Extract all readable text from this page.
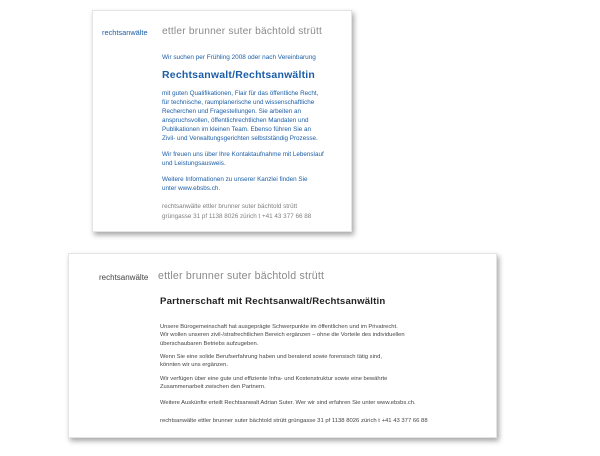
rechtsanwälte ettler brunner suter bächtold strütt

Wir suchen per Frühling 2008 oder nach Vereinbarung

Rechtsanwalt/Rechtsanwältin
mit guten Qualifikationen, Flair für das öffentliche Recht,
für technische, raumplanerische und wissenschaftliche
Recherchen und Fragestellungen. Sie arbeiten an
anspruchsvollen, öffentlichrechtlichen Mandaten und
Publikationen im kleinen Team. Ebenso führen Sie an
Zivil- und Verwaltungsgerichten selbstständig Prozesse.
Wir freuen uns über Ihre Kontaktaufnahme mit Lebenslauf
und Leistungsausweis.
Weitere Informationen zu unserer Kanzlei finden Sie
unter www.ebsbs.ch.
rechtsanwälte ettler brunner suter bächtold strütt
grüngasse 31 pf 1138 8026 zürich t +41 43 377 66 88
rechtsanwälte ettler brunner suter bächtold strütt
Partnerschaft mit Rechtsanwalt/Rechtsanwältin
Unsere Bürogemeinschaft hat ausgeprägte Schwerpunkte im öffentlichen und im Privatrecht.
Wir wollen unseren zivil-/strafrechtlichen Bereich ergänzen – ohne die Vorteile des individuellen
überschaubaren Betriebs aufzugeben.
Wenn Sie eine solide Berufserfahrung haben und beratend sowie forensisch tätig sind,
könnten wir uns ergänzen.
Wir verfügen über eine gute und effiziente Infra- und Kostenstruktur sowie eine bewährte
Zusammenarbeit zwischen den Partnern.
Weitere Auskünfte erteilt Rechtsanwalt Adrian Suter. Wer wir sind erfahren Sie unter www.ebsbs.ch.
rechtsanwälte ettler brunner suter bächtold strütt grüngasse 31 pf 1138 8026 zürich t +41 43 377 66 88
